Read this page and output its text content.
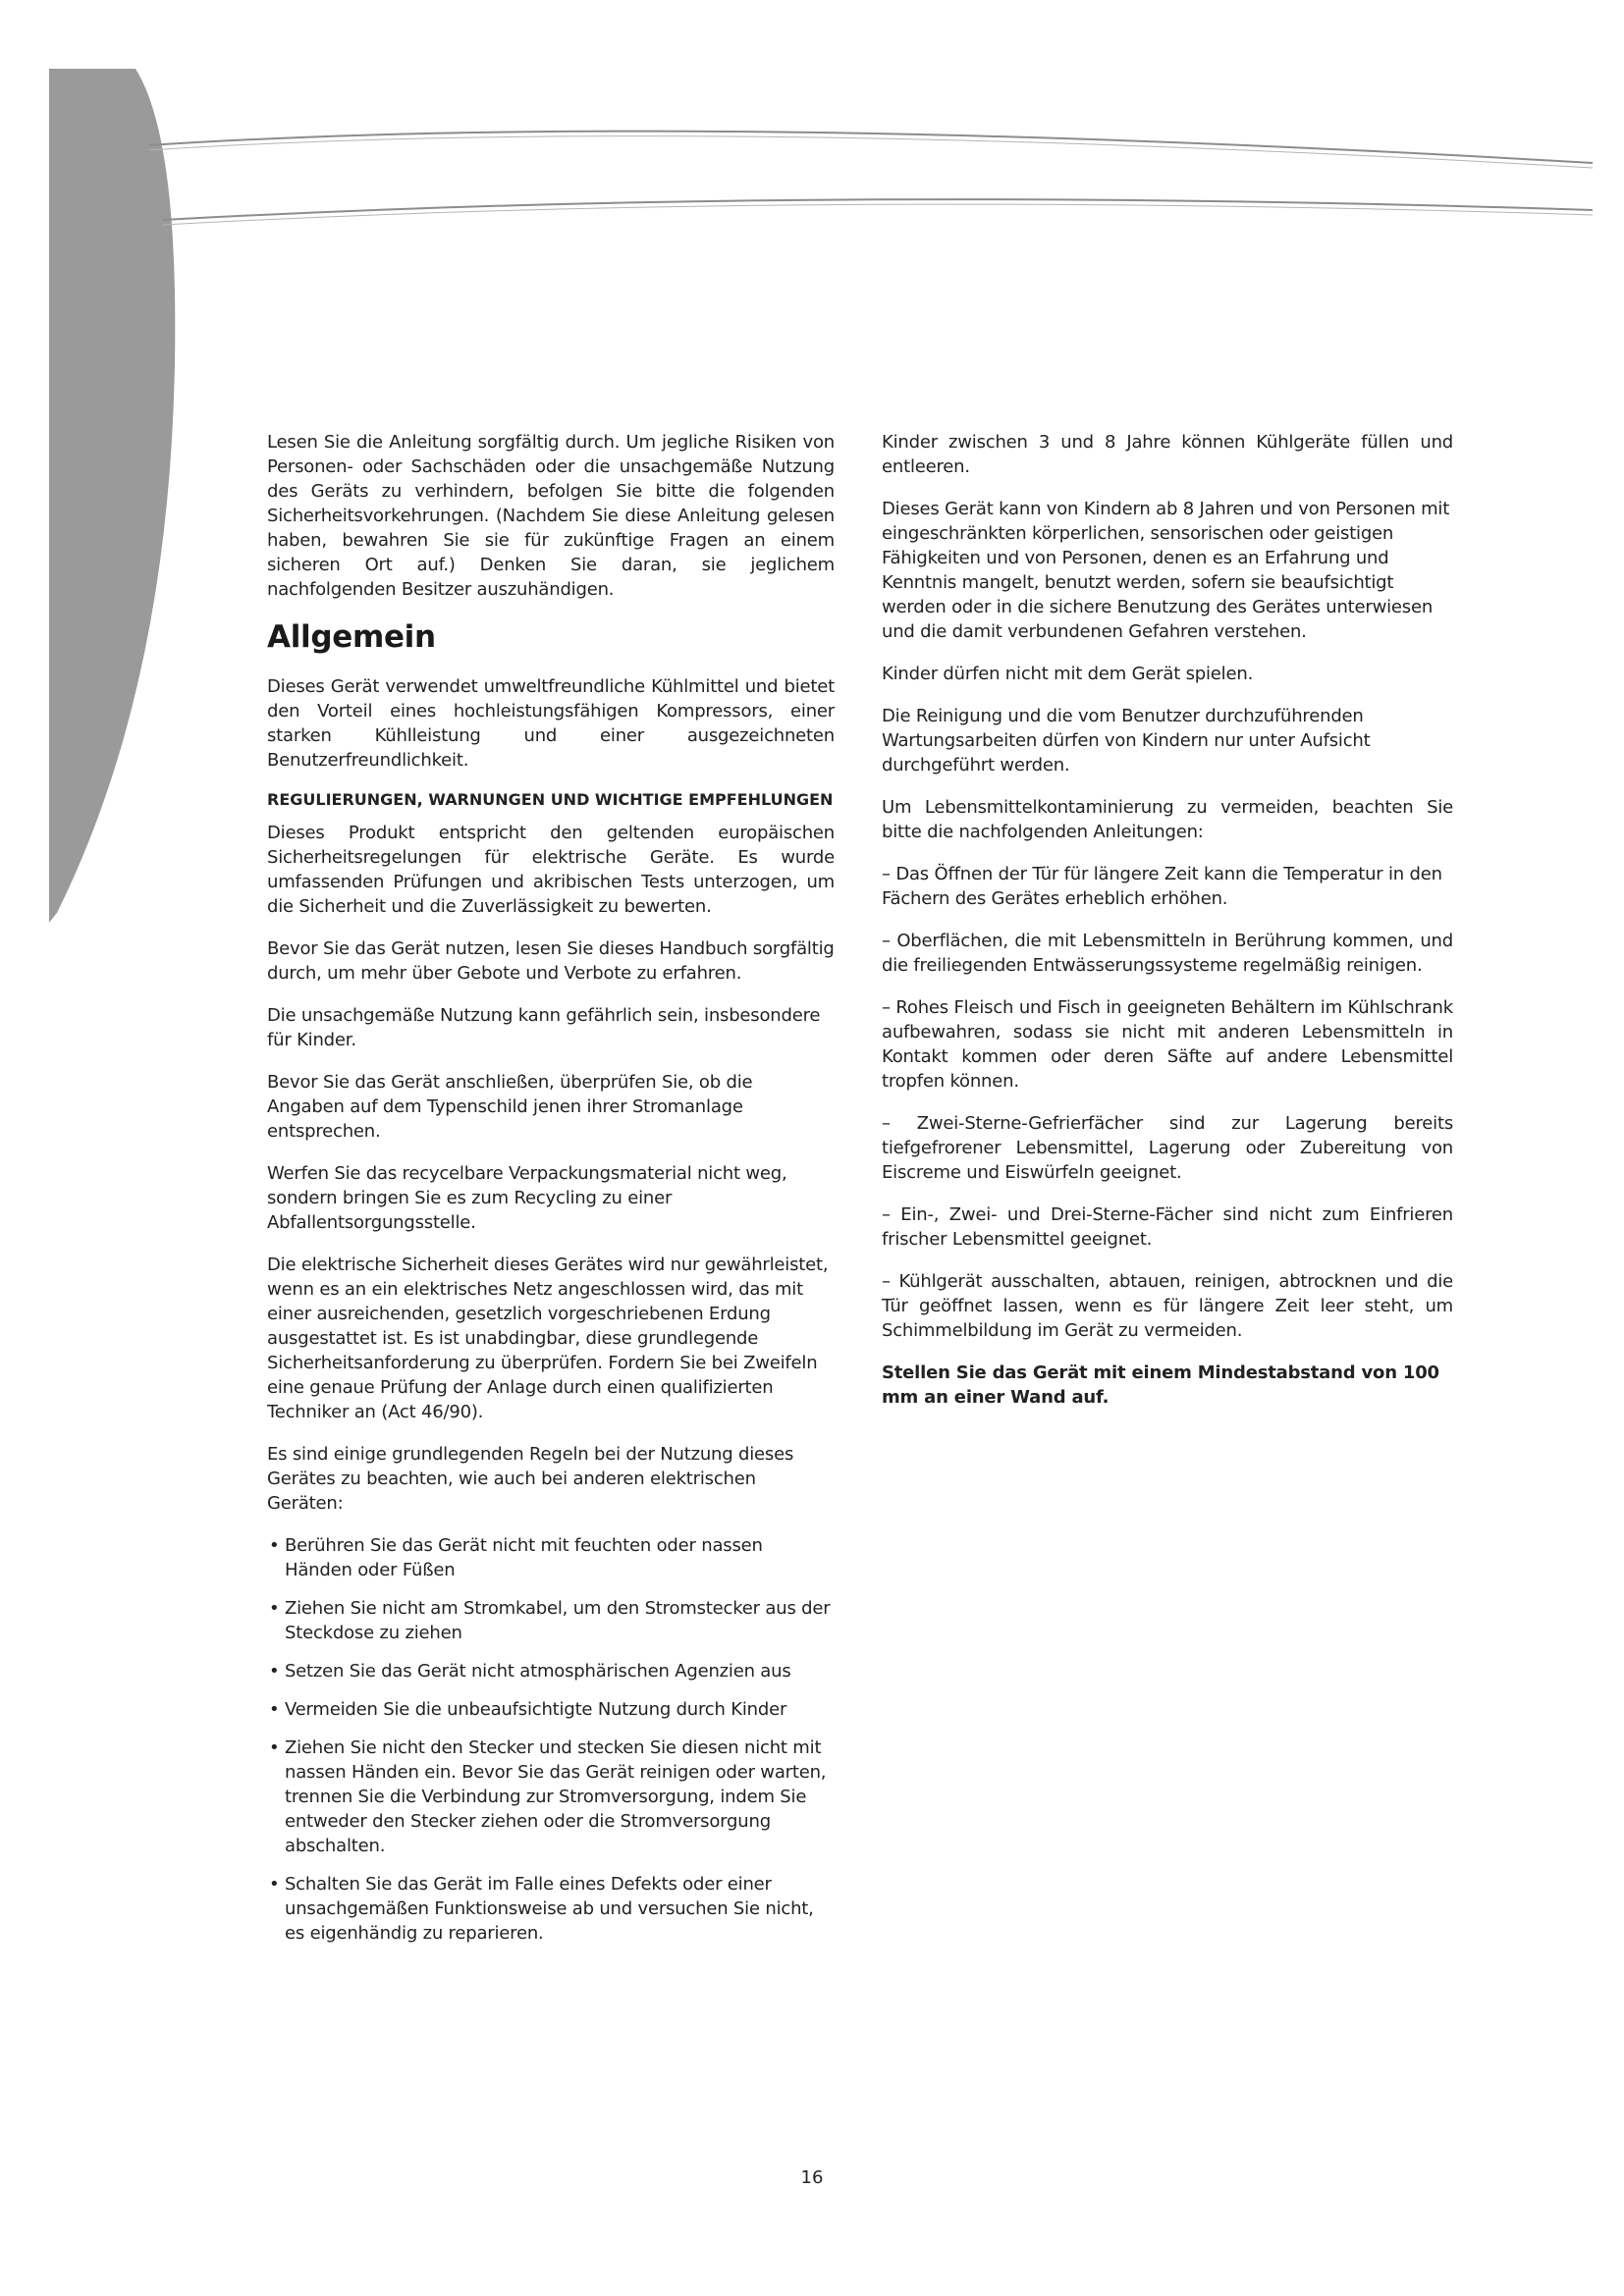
Lesen Sie die Anleitung sorgfältig durch. Um jegliche Risiken von Personen- oder Sachschäden oder die unsachgemäße Nutzung des Geräts zu verhindern, befolgen Sie bitte die folgenden Sicherheitsvorkehrungen. (Nachdem Sie diese Anleitung gelesen haben, bewahren Sie sie für zukünftige Fragen an einem sicheren Ort auf.) Denken Sie daran, sie jeglichem nachfolgenden Besitzer auszuhändigen.

Allgemein

Dieses Gerät verwendet umweltfreundliche Kühlmittel und bietet den Vorteil eines hochleistungsfähigen Kompressors, einer starken Kühlleistung und einer ausgezeichneten Benutzerfreundlichkeit.

REGULIERUNGEN, WARNUNGEN UND WICHTIGE EMPFEHLUNGEN

Dieses Produkt entspricht den geltenden europäischen Sicherheitsregelungen für elektrische Geräte. Es wurde umfassenden Prüfungen und akribischen Tests unterzogen, um die Sicherheit und die Zuverlässigkeit zu bewerten.

Bevor Sie das Gerät nutzen, lesen Sie dieses Handbuch sorgfältig durch, um mehr über Gebote und Verbote zu erfahren.

Die unsachgemäße Nutzung kann gefährlich sein, insbesondere für Kinder.

Bevor Sie das Gerät anschließen, überprüfen Sie, ob die Angaben auf dem Typenschild jenen ihrer Stromanlage entsprechen.

Werfen Sie das recycelbare Verpackungsmaterial nicht weg, sondern bringen Sie es zum Recycling zu einer Abfallentsorgungsstelle.

Die elektrische Sicherheit dieses Gerätes wird nur gewährleistet, wenn es an ein elektrisches Netz angeschlossen wird, das mit einer ausreichenden, gesetzlich vorgeschriebenen Erdung ausgestattet ist. Es ist unabdingbar, diese grundlegende Sicherheitsanforderung zu überprüfen. Fordern Sie bei Zweifeln eine genaue Prüfung der Anlage durch einen qualifizierten Techniker an (Act 46/90).

Es sind einige grundlegenden Regeln bei der Nutzung dieses Gerätes zu beachten, wie auch bei anderen elektrischen Geräten:

• Berühren Sie das Gerät nicht mit feuchten oder nassen Händen oder Füßen
• Ziehen Sie nicht am Stromkabel, um den Stromstecker aus der Steckdose zu ziehen
• Setzen Sie das Gerät nicht atmosphärischen Agenzien aus
• Vermeiden Sie die unbeaufsichtigte Nutzung durch Kinder
• Ziehen Sie nicht den Stecker und stecken Sie diesen nicht mit nassen Händen ein. Bevor Sie das Gerät reinigen oder warten, trennen Sie die Verbindung zur Stromversorgung, indem Sie entweder den Stecker ziehen oder die Stromversorgung abschalten.
• Schalten Sie das Gerät im Falle eines Defekts oder einer unsachgemäßen Funktionsweise ab und versuchen Sie nicht, es eigenhändig zu reparieren.

Kinder zwischen 3 und 8 Jahre können Kühlgeräte füllen und entleeren.

Dieses Gerät kann von Kindern ab 8 Jahren und von Personen mit eingeschränkten körperlichen, sensorischen oder geistigen Fähigkeiten und von Personen, denen es an Erfahrung und Kenntnis mangelt, benutzt werden, sofern sie beaufsichtigt werden oder in die sichere Benutzung des Gerätes unterwiesen und die damit verbundenen Gefahren verstehen.

Kinder dürfen nicht mit dem Gerät spielen.

Die Reinigung und die vom Benutzer durchzuführenden Wartungsarbeiten dürfen von Kindern nur unter Aufsicht durchgeführt werden.

Um Lebensmittelkontaminierung zu vermeiden, beachten Sie bitte die nachfolgenden Anleitungen:

– Das Öffnen der Tür für längere Zeit kann die Temperatur in den Fächern des Gerätes erheblich erhöhen.

– Oberflächen, die mit Lebensmitteln in Berührung kommen, und die freiliegenden Entwässerungssysteme regelmäßig reinigen.

– Rohes Fleisch und Fisch in geeigneten Behältern im Kühlschrank aufbewahren, sodass sie nicht mit anderen Lebensmitteln in Kontakt kommen oder deren Säfte auf andere Lebensmittel tropfen können.

– Zwei-Sterne-Gefrierfächer sind zur Lagerung bereits tiefgefrorener Lebensmittel, Lagerung oder Zubereitung von Eiscreme und Eiswürfeln geeignet.

– Ein-, Zwei- und Drei-Sterne-Fächer sind nicht zum Einfrieren frischer Lebensmittel geeignet.

– Kühlgerät ausschalten, abtauen, reinigen, abtrocknen und die Tür geöffnet lassen, wenn es für längere Zeit leer steht, um Schimmelbildung im Gerät zu vermeiden.

Stellen Sie das Gerät mit einem Mindestabstand von 100 mm an einer Wand auf.

16
